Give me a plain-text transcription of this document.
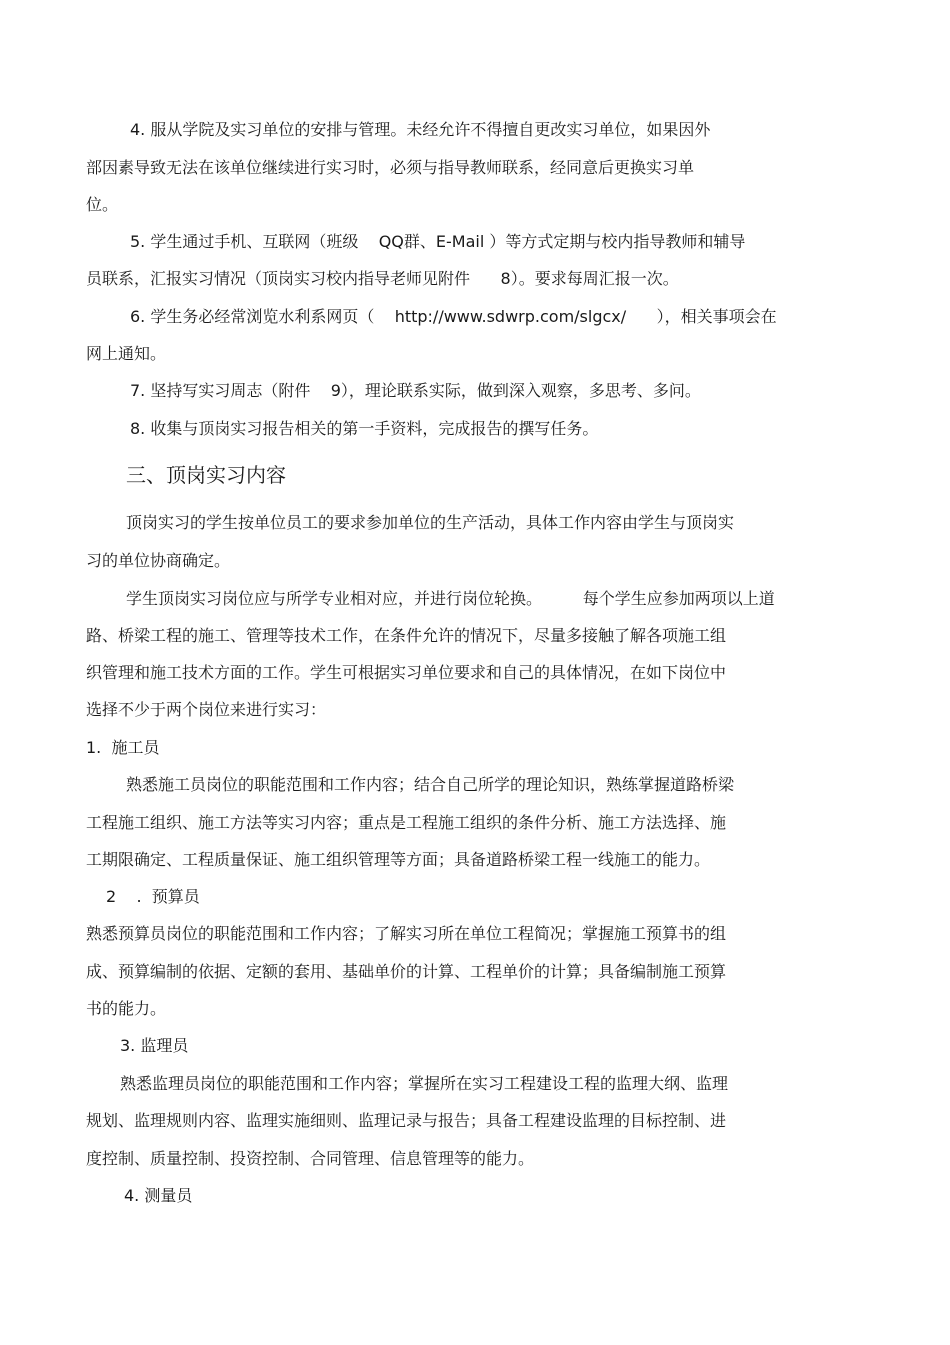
4. 服从学院及实习单位的安排与管理。未经允许不得擅自更改实习单位，如果因外

部因素导致无法在该单位继续进行实习时，必须与指导教师联系，经同意后更换实习单

位。

5. 学生通过手机、互联网（班级    QQ群、E-Mail ）等方式定期与校内指导教师和辅导

员联系，汇报实习情况（顶岗实习校内指导老师见附件      8）。要求每周汇报一次。

6. 学生务必经常浏览水利系网页（    http://www.sdwrp.com/slgcx/      ），相关事项会在

网上通知。

7. 坚持写实习周志（附件    9），理论联系实际，做到深入观察，多思考、多问。

8. 收集与顶岗实习报告相关的第一手资料，完成报告的撰写任务。

三、顶岗实习内容

顶岗实习的学生按单位员工的要求参加单位的生产活动，具体工作内容由学生与顶岗实

习的单位协商确定。

学生顶岗实习岗位应与所学专业相对应，并进行岗位轮换。        每个学生应参加两项以上道

路、桥梁工程的施工、管理等技术工作，在条件允许的情况下，尽量多接触了解各项施工组

织管理和施工技术方面的工作。学生可根据实习单位要求和自己的具体情况，在如下岗位中

选择不少于两个岗位来进行实习：

1.  施工员

熟悉施工员岗位的职能范围和工作内容；结合自己所学的理论知识，熟练掌握道路桥梁

工程施工组织、施工方法等实习内容；重点是工程施工组织的条件分析、施工方法选择、施

工期限确定、工程质量保证、施工组织管理等方面；具备道路桥梁工程一线施工的能力。

2    .  预算员

熟悉预算员岗位的职能范围和工作内容；了解实习所在单位工程简况；掌握施工预算书的组

成、预算编制的依据、定额的套用、基础单价的计算、工程单价的计算；具备编制施工预算

书的能力。

3. 监理员

熟悉监理员岗位的职能范围和工作内容；掌握所在实习工程建设工程的监理大纲、监理

规划、监理规则内容、监理实施细则、监理记录与报告；具备工程建设监理的目标控制、进

度控制、质量控制、投资控制、合同管理、信息管理等的能力。

4. 测量员
